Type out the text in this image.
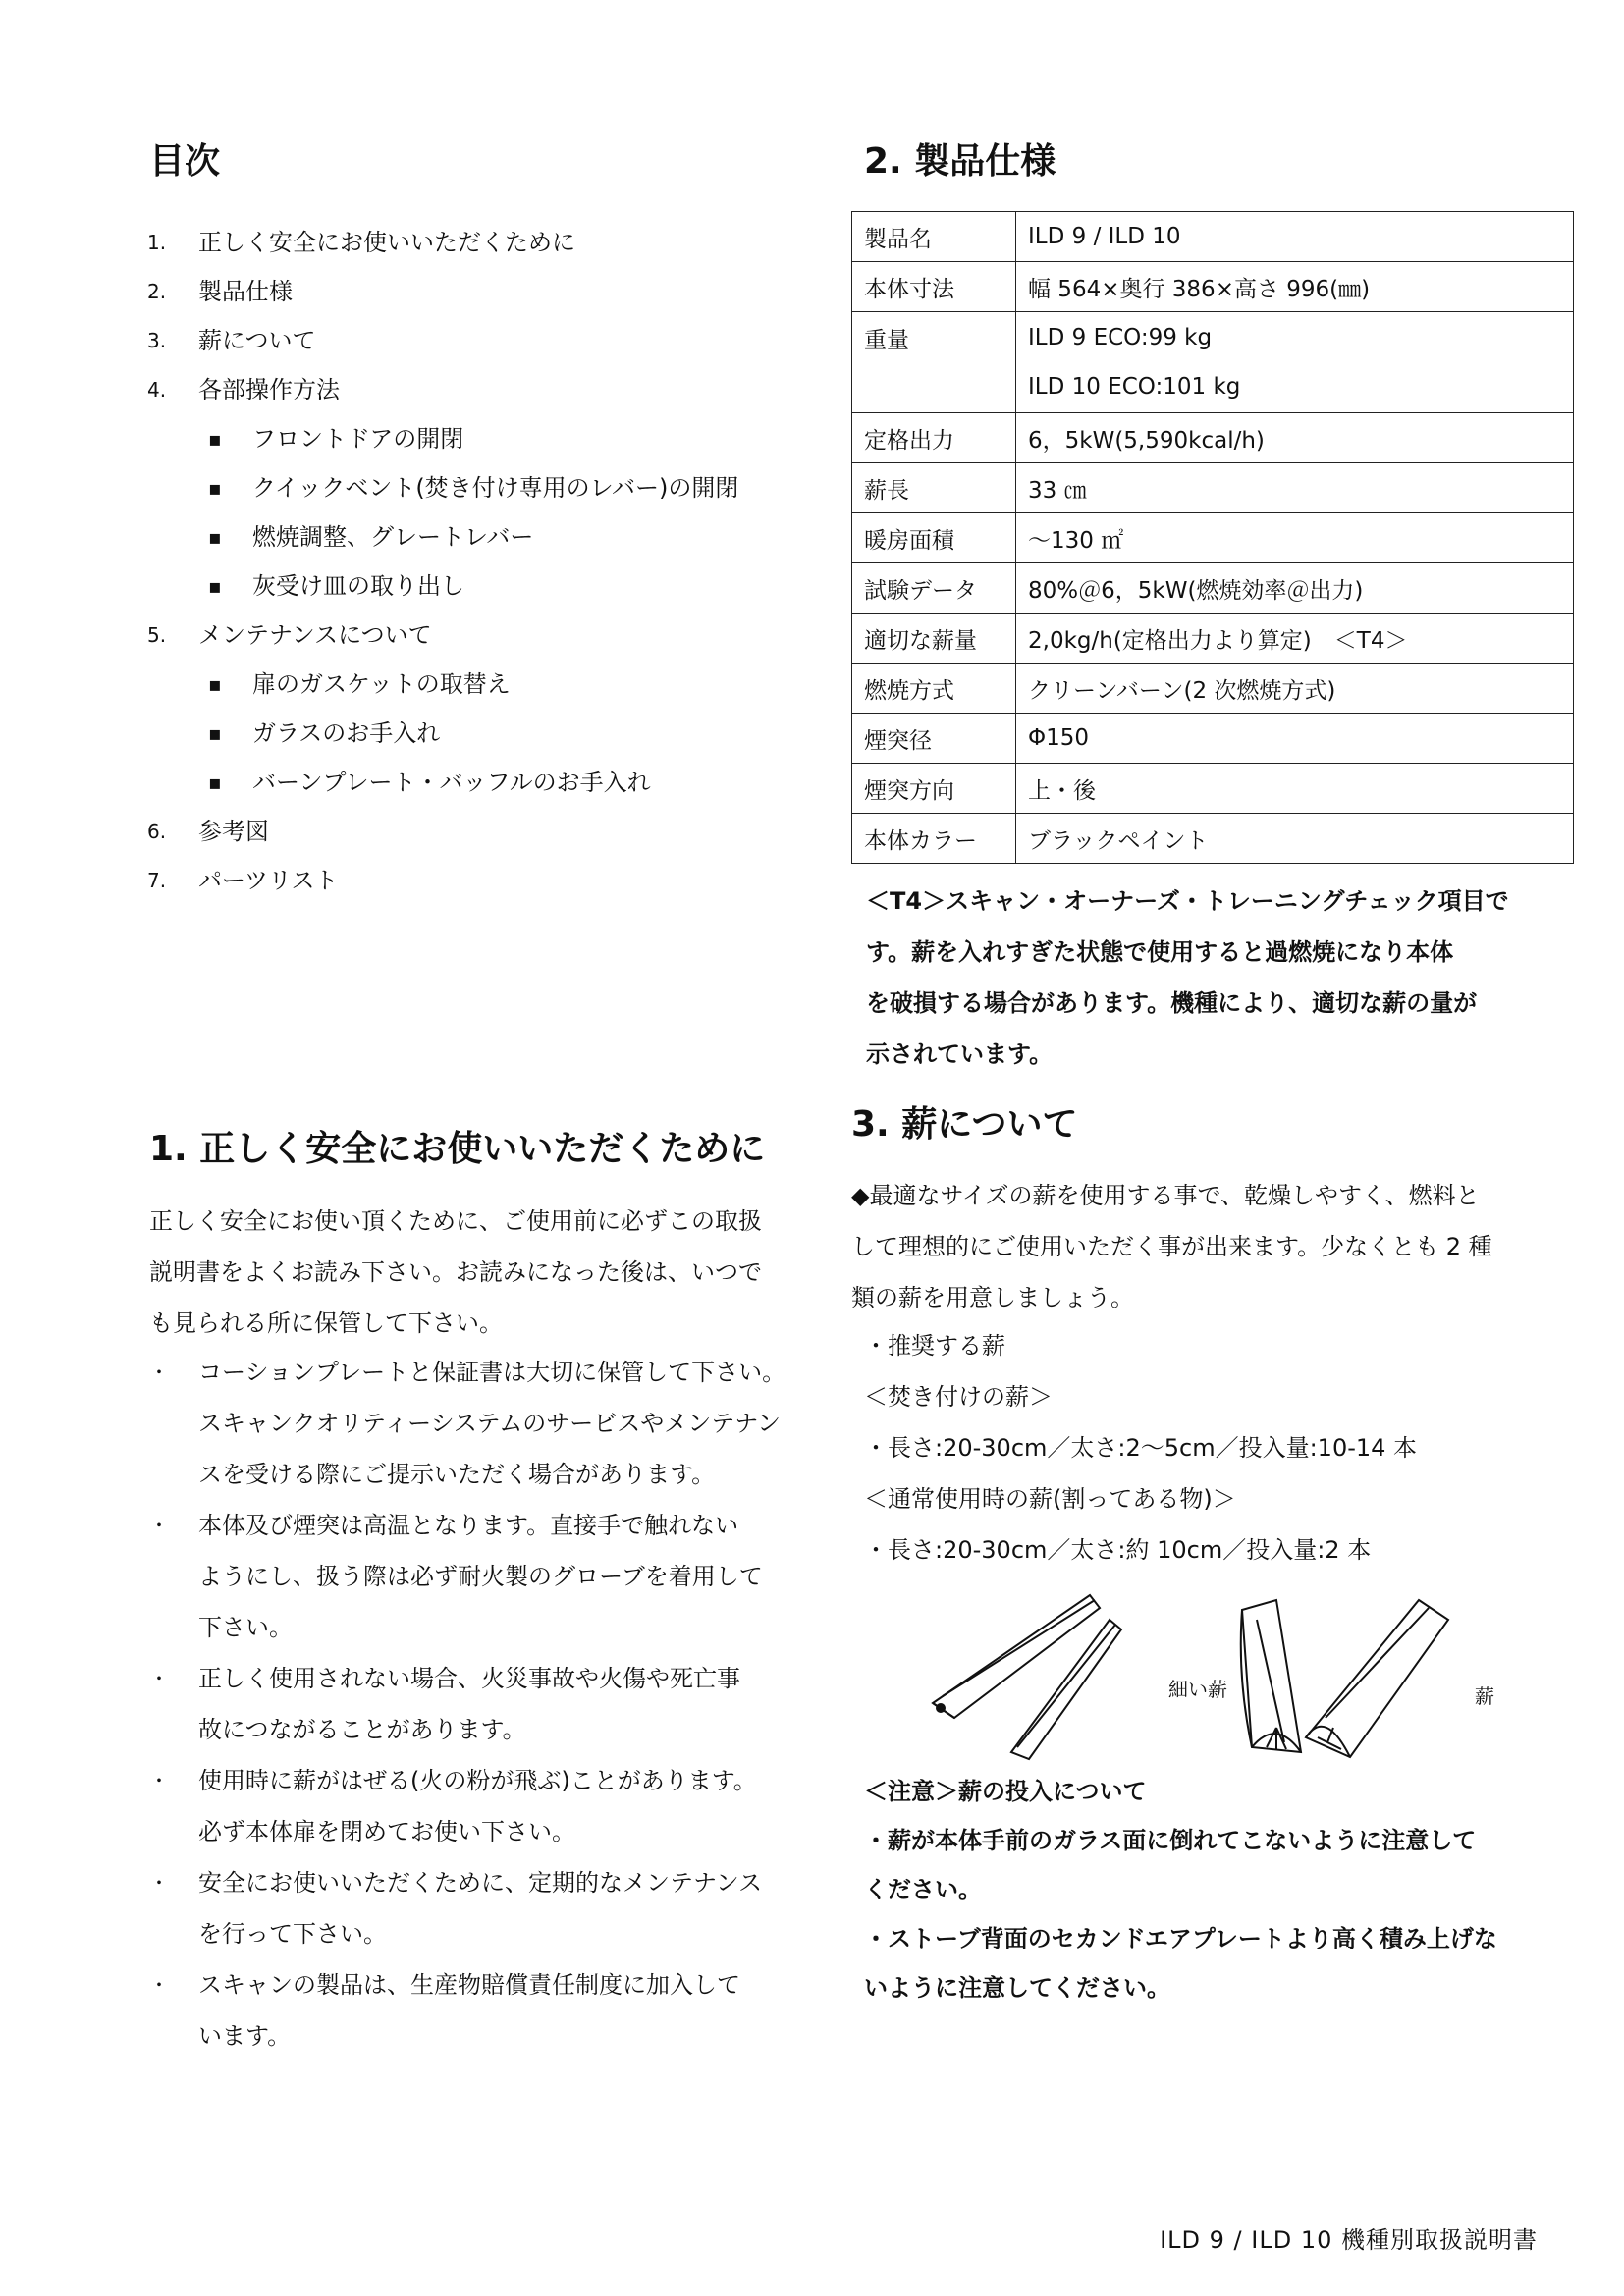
目次
1.	正しく安全にお使いいただくために
2.	製品仕様
3.	薪について
4.	各部操作方法
▪ フロントドアの開閉
▪ クイックベント(焚き付け専用のレバー)の開閉
▪ 燃焼調整、グレートレバー
▪ 灰受け皿の取り出し
5.	メンテナンスについて
▪ 扉のガスケットの取替え
▪ ガラスのお手入れ
▪ バーンプレート・バッフルのお手入れ
6.	参考図
7.	パーツリスト
1. 正しく安全にお使いいただくために

正しく安全にお使い頂くために、ご使用前に必ずこの取扱

説明書をよくお読み下さい。お読みになった後は、いつで

も見られる所に保管して下さい。

・ コーションプレートと保証書は大切に保管して下さい。
スキャンクオリティーシステムのサービスやメンテナン
スを受ける際にご提示いただく場合があります。
・ 本体及び煙突は高温となります。直接手で触れない
ようにし、扱う際は必ず耐火製のグローブを着用して
下さい。
・ 正しく使用されない場合、火災事故や火傷や死亡事
故につながることがあります。
・ 使用時に薪がはぜる(火の粉が飛ぶ)ことがあります。
必ず本体扉を閉めてお使い下さい。
・ 安全にお使いいただくために、定期的なメンテナンス
を行って下さい。
・ スキャンの製品は、生産物賠償責任制度に加入して
います。
2. 製品仕様
製品名	ILD 9 / ILD 10
本体寸法	幅 564×奥行 386×高さ 996(㎜)
重量	ILD 9 ECO:99 kg
ILD 10 ECO:101 kg

定格出力	6，5kW(5,590kcal/h)
薪長	33 ㎝
暖房面積	～130 ㎡
試験データ	80%＠6，5kW(燃焼効率＠出力)
適切な薪量	2,0kg/h(定格出力より算定)　＜T4＞
燃焼方式	クリーンバーン(2 次燃焼方式)
煙突径	Φ150
煙突方向	上・後
本体カラー	ブラックペイント
＜T4＞スキャン・オーナーズ・トレーニングチェック項目で
す。薪を入れすぎた状態で使用すると過燃焼になり本体
を破損する場合があります。機種により、適切な薪の量が
示されています。
3. 薪について
◆最適なサイズの薪を使用する事で、乾燥しやすく、燃料と
して理想的にご使用いただく事が出来ます。少なくとも 2 種
類の薪を用意しましょう。
・推奨する薪
＜焚き付けの薪＞
・長さ:20-30cm／太さ:2～5cm／投入量:10-14 本
＜通常使用時の薪(割ってある物)＞
・長さ:20-30cm／太さ:約 10cm／投入量:2 本
細い薪	薪
＜注意＞薪の投入について
・薪が本体手前のガラス面に倒れてこないように注意して
ください。
・ストーブ背面のセカンドエアプレートより高く積み上げな
いように注意してください。
ILD 9 / ILD 10 機種別取扱説明書
